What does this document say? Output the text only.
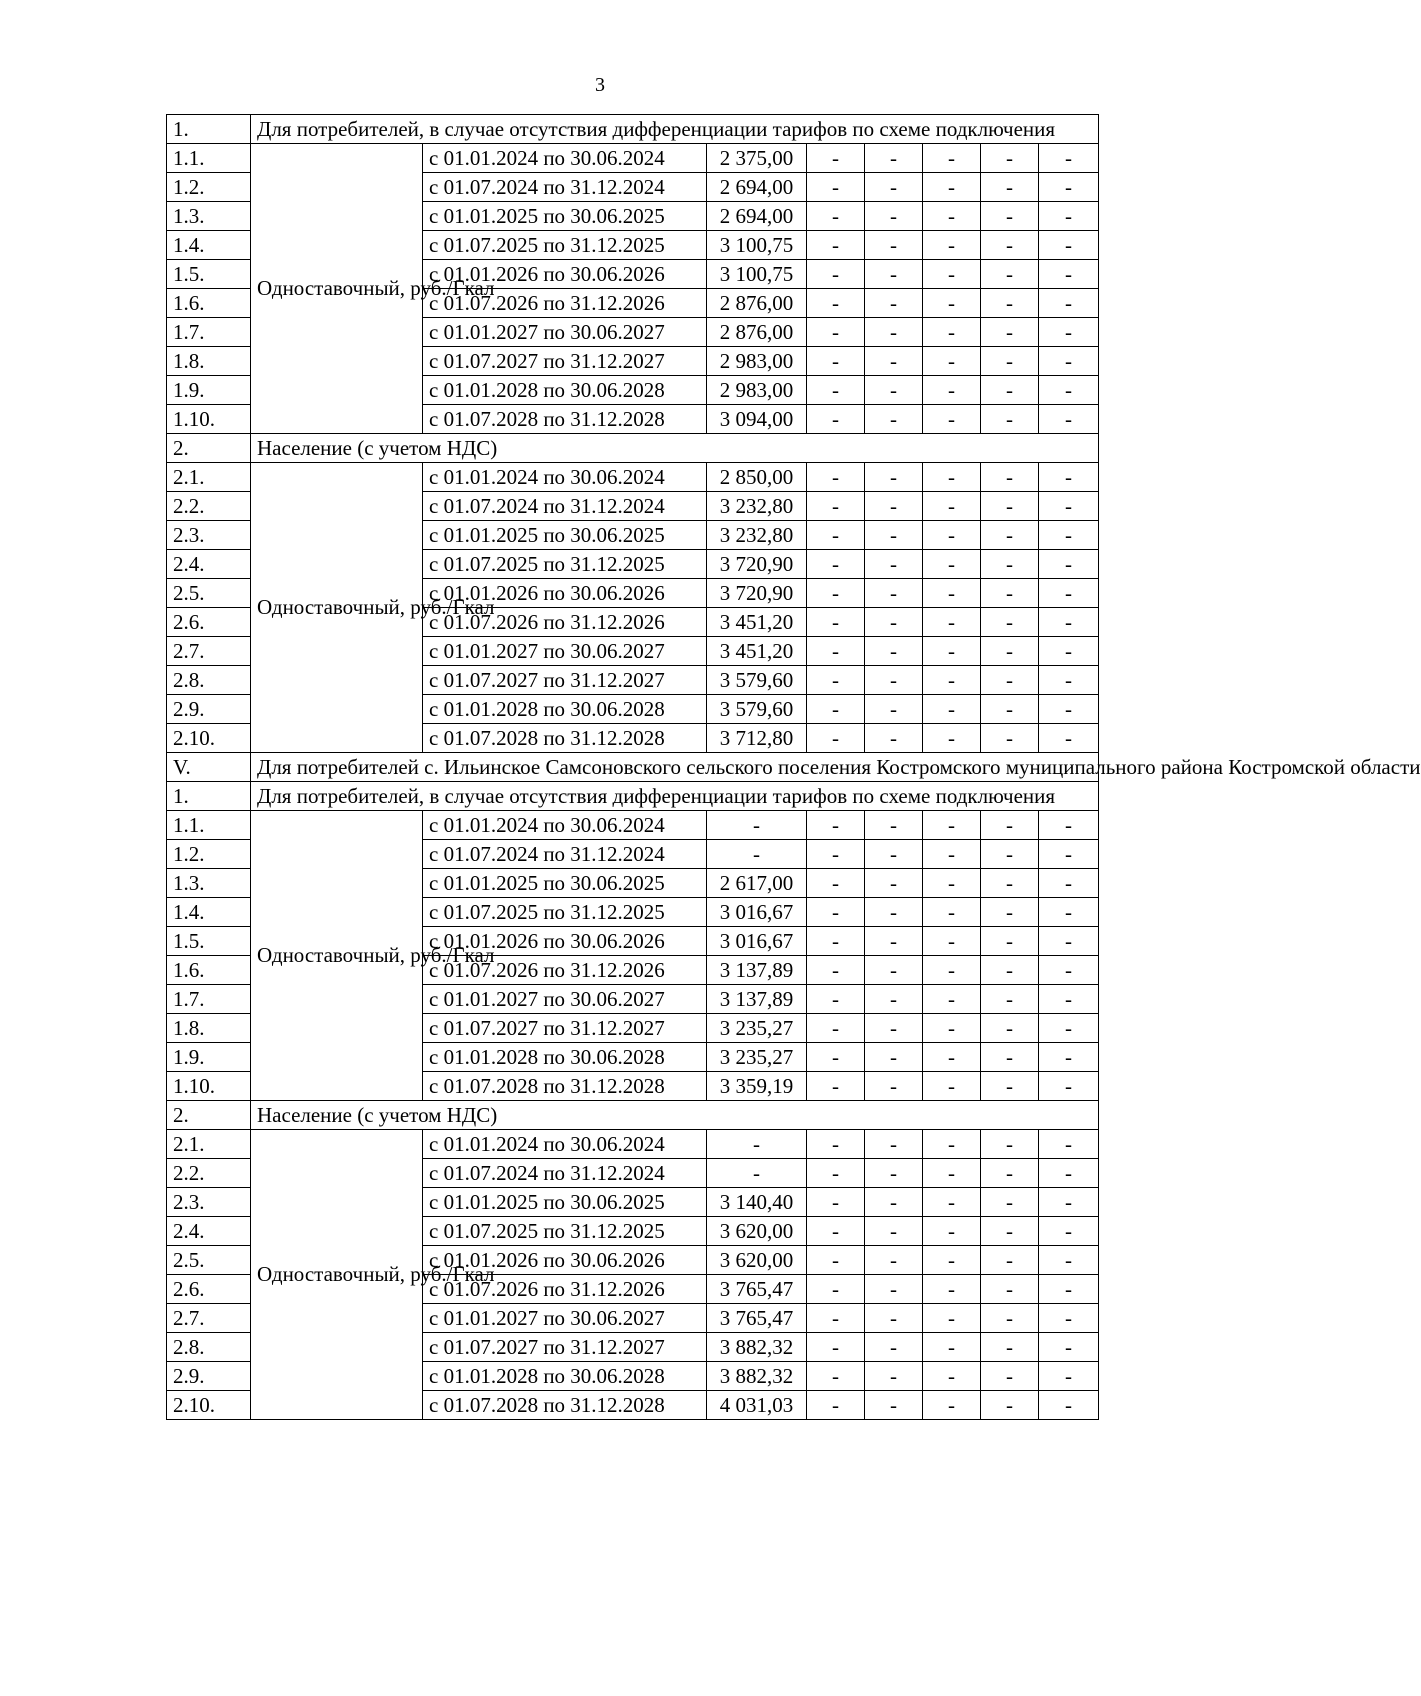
3
1.	Для потребителей, в случае отсутствия дифференциации тарифов по схеме подключения							
1.1.	Одноставочный, руб./Гкал	с 01.01.2024 по 30.06.2024	2 375,00	-	-	-	-	-
1.2.		с 01.07.2024 по 31.12.2024	2 694,00	-	-	-	-	-
1.3.		с 01.01.2025 по 30.06.2025	2 694,00	-	-	-	-	-
1.4.		с 01.07.2025 по 31.12.2025	3 100,75	-	-	-	-	-
1.5.		с 01.01.2026 по 30.06.2026	3 100,75	-	-	-	-	-
1.6.		с 01.07.2026 по 31.12.2026	2 876,00	-	-	-	-	-
1.7.		с 01.01.2027 по 30.06.2027	2 876,00	-	-	-	-	-
1.8.		с 01.07.2027 по 31.12.2027	2 983,00	-	-	-	-	-
1.9.		с 01.01.2028 по 30.06.2028	2 983,00	-	-	-	-	-
1.10.		с 01.07.2028 по 31.12.2028	3 094,00	-	-	-	-	-
2.	Население (с учетом НДС)							
2.1.	Одноставочный, руб./Гкал	с 01.01.2024 по 30.06.2024	2 850,00	-	-	-	-	-
2.2.		с 01.07.2024 по 31.12.2024	3 232,80	-	-	-	-	-
2.3.		с 01.01.2025 по 30.06.2025	3 232,80	-	-	-	-	-
2.4.		с 01.07.2025 по 31.12.2025	3 720,90	-	-	-	-	-
2.5.		с 01.01.2026 по 30.06.2026	3 720,90	-	-	-	-	-
2.6.		с 01.07.2026 по 31.12.2026	3 451,20	-	-	-	-	-
2.7.		с 01.01.2027 по 30.06.2027	3 451,20	-	-	-	-	-
2.8.		с 01.07.2027 по 31.12.2027	3 579,60	-	-	-	-	-
2.9.		с 01.01.2028 по 30.06.2028	3 579,60	-	-	-	-	-
2.10.		с 01.07.2028 по 31.12.2028	3 712,80	-	-	-	-	-
V.	Для потребителей с. Ильинское Самсоновского сельского поселения Костромского муниципального района Костромской области							
1.	Для потребителей, в случае отсутствия дифференциации тарифов по схеме подключения							
1.1.	Одноставочный, руб./Гкал	с 01.01.2024 по 30.06.2024	-	-	-	-	-	-
1.2.		с 01.07.2024 по 31.12.2024	-	-	-	-	-	-
1.3.		с 01.01.2025 по 30.06.2025	2 617,00	-	-	-	-	-
1.4.		с 01.07.2025 по 31.12.2025	3 016,67	-	-	-	-	-
1.5.		с 01.01.2026 по 30.06.2026	3 016,67	-	-	-	-	-
1.6.		с 01.07.2026 по 31.12.2026	3 137,89	-	-	-	-	-
1.7.		с 01.01.2027 по 30.06.2027	3 137,89	-	-	-	-	-
1.8.		с 01.07.2027 по 31.12.2027	3 235,27	-	-	-	-	-
1.9.		с 01.01.2028 по 30.06.2028	3 235,27	-	-	-	-	-
1.10.		с 01.07.2028 по 31.12.2028	3 359,19	-	-	-	-	-
2.	Население (с учетом НДС)							
2.1.	Одноставочный, руб./Гкал	с 01.01.2024 по 30.06.2024	-	-	-	-	-	-
2.2.		с 01.07.2024 по 31.12.2024	-	-	-	-	-	-
2.3.		с 01.01.2025 по 30.06.2025	3 140,40	-	-	-	-	-
2.4.		с 01.07.2025 по 31.12.2025	3 620,00	-	-	-	-	-
2.5.		с 01.01.2026 по 30.06.2026	3 620,00	-	-	-	-	-
2.6.		с 01.07.2026 по 31.12.2026	3 765,47	-	-	-	-	-
2.7.		с 01.01.2027 по 30.06.2027	3 765,47	-	-	-	-	-
2.8.		с 01.07.2027 по 31.12.2027	3 882,32	-	-	-	-	-
2.9.		с 01.01.2028 по 30.06.2028	3 882,32	-	-	-	-	-
2.10.		с 01.07.2028 по 31.12.2028	4 031,03	-	-	-	-	-
